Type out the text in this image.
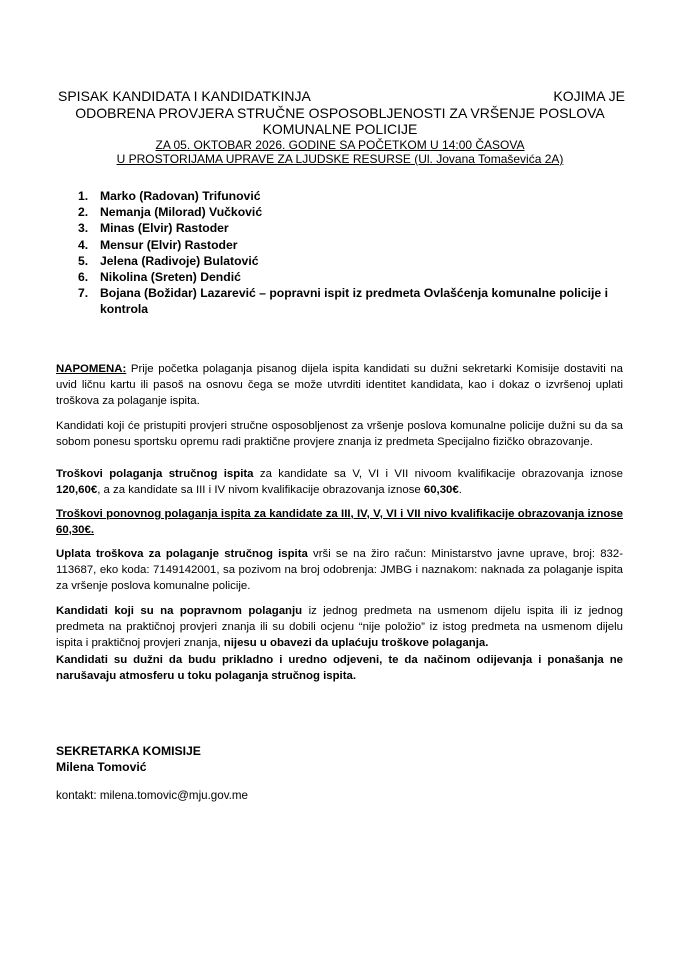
SPISAK KANDIDATA I KANDIDATKINJA	KOJIMA JE
ODOBRENA PROVJERA STRUČNE OSPOSOBLJENOSTI ZA VRŠENJE POSLOVA
KOMUNALNE POLICIJE
ZA 05. OKTOBAR 2026. GODINE SA POČETKOM U 14:00 ČASOVA
U PROSTORIJAMA UPRAVE ZA LJUDSKE RESURSE (Ul. Jovana Tomaševića 2A)
1. Marko (Radovan) Trifunović
2. Nemanja (Milorad) Vučković
3. Minas (Elvir) Rastoder
4. Mensur (Elvir) Rastoder
5. Jelena (Radivoje) Bulatović
6. Nikolina (Sreten) Dendić
7. Bojana (Božidar) Lazarević – popravni ispit iz predmeta Ovlašćenja komunalne policije i kontrola

NAPOMENA: Prije početka polaganja pisanog dijela ispita kandidati su dužni sekretarki Komisije dostaviti na uvid ličnu kartu ili pasoš na osnovu čega se može utvrditi identitet kandidata, kao i dokaz o izvršenoj uplati troškova za polaganje ispita.

Kandidati koji će pristupiti provjeri stručne osposobljenost za vršenje poslova komunalne policije dužni su da sa sobom ponesu sportsku opremu radi praktične provjere znanja iz predmeta Specijalno fizičko obrazovanje.

Troškovi polaganja stručnog ispita za kandidate sa V, VI i VII nivoom kvalifikacije obrazovanja iznose 120,60€, a za kandidate sa III i IV nivom kvalifikacije obrazovanja iznose 60,30€.

Troškovi ponovnog polaganja ispita za kandidate za III, IV, V, VI i VII nivo kvalifikacije obrazovanja iznose 60,30€.

Uplata troškova za polaganje stručnog ispita vrši se na žiro račun: Ministarstvo javne uprave, broj: 832-113687, eko koda: 7149142001, sa pozivom na broj odobrenja: JMBG i naznakom: naknada za polaganje ispita za vršenje poslova komunalne policije.

Kandidati koji su na popravnom polaganju iz jednog predmeta na usmenom dijelu ispita ili iz jednog predmeta na praktičnoj provjeri znanja ili su dobili ocjenu “nije položio” iz istog predmeta na usmenom dijelu ispita i praktičnoj provjeri znanja, nijesu u obavezi da uplaćuju troškove polaganja.

Kandidati su dužni da budu prikladno i uredno odjeveni, te da načinom odijevanja i ponašanja ne narušavaju atmosferu u toku polaganja stručnog ispita.

SEKRETARKA KOMISIJE
Milena Tomović
kontakt: milena.tomovic@mju.gov.me
